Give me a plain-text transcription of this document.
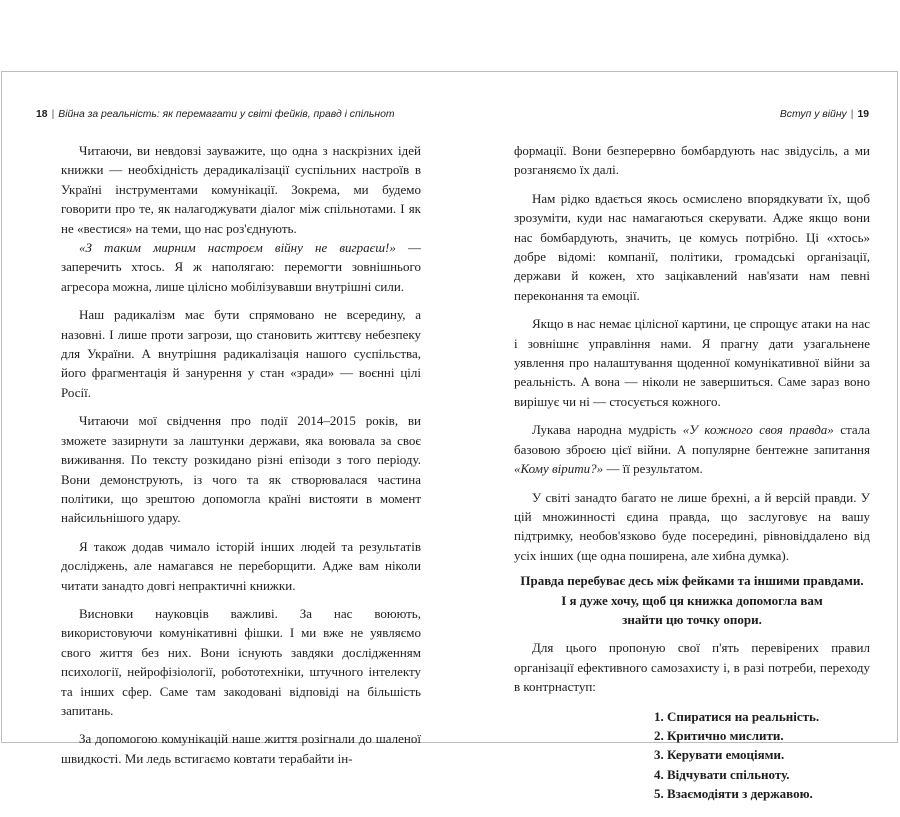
18 | Війна за реальність: як перемагати у світі фейків, правд і спільнот
Читаючи, ви невдовзі зауважите, що одна з наскрізних ідей книжки — необхідність дерадикалізації суспільних настроїв в Україні інструментами комунікації. Зокрема, ми будемо говорити про те, як налагоджувати діалог між спільнотами. І як не «вестися» на теми, що нас роз'єднують.
«З таким мирним настроєм війну не виграєш!» — заперечить хтось. Я ж наполягаю: перемогти зовнішнього агресора можна, лише цілісно мобілізувавши внутрішні сили.
Наш радикалізм має бути спрямовано не всередину, а назовні. І лише проти загрози, що становить життєву небезпеку для України. А внутрішня радикалізація нашого суспільства, його фрагментація й занурення у стан «зради» — воєнні цілі Росії.
Читаючи мої свідчення про події 2014–2015 років, ви зможете зазирнути за лаштунки держави, яка воювала за своє виживання. По тексту розкидано різні епізоди з того періоду. Вони демонструють, із чого та як створювалася частина політики, що зрештою допомогла країні вистояти в момент найсильнішого удару.
Я також додав чимало історій інших людей та результатів досліджень, але намагався не переборщити. Адже вам ніколи читати занадто довгі непрактичні книжки.
Висновки науковців важливі. За нас воюють, використовуючи комунікативні фішки. І ми вже не уявляємо свого життя без них. Вони існують завдяки дослідженням психології, нейрофізіології, робототехніки, штучного інтелекту та інших сфер. Саме там закодовані відповіді на більшість запитань.
За допомогою комунікацій наше життя розігнали до шаленої швидкості. Ми ледь встигаємо ковтати терабайти ін-
Вступ у війну | 19
формації. Вони безперервно бомбардують нас звідусіль, а ми розганяємо їх далі.
Нам рідко вдається якось осмислено впорядкувати їх, щоб зрозуміти, куди нас намагаються скерувати. Адже якщо вони нас бомбардують, значить, це комусь потрібно. Ці «хтось» добре відомі: компанії, політики, громадські організації, держави й кожен, хто зацікавлений нав'язати нам певні переконання та емоції.
Якщо в нас немає цілісної картини, це спрощує атаки на нас і зовнішнє управління нами. Я прагну дати узагальнене уявлення про налаштування щоденної комунікативної війни за реальність. А вона — ніколи не завершиться. Саме зараз воно вирішує чи ні — стосується кожного.
Лукава народна мудрість «У кожного своя правда» стала базовою зброєю цієї війни. А популярне бентежне запитання «Кому вірити?» — її результатом.
У світі занадто багато не лише брехні, а й версій правди. У цій множинності єдина правда, що заслуговує на вашу підтримку, необов'язково буде посередині, рівновіддалено від усіх інших (ще одна поширена, але хибна думка).
Правда перебуває десь між фейками та іншими правдами.
І я дуже хочу, щоб ця книжка допомогла вам
знайти цю точку опори.
Для цього пропоную свої п'ять перевірених правил організації ефективного самозахисту і, в разі потреби, переходу в контрнаступ:
1. Спиратися на реальність.
2. Критично мислити.
3. Керувати емоціями.
4. Відчувати спільноту.
5. Взаємодіяти з державою.
